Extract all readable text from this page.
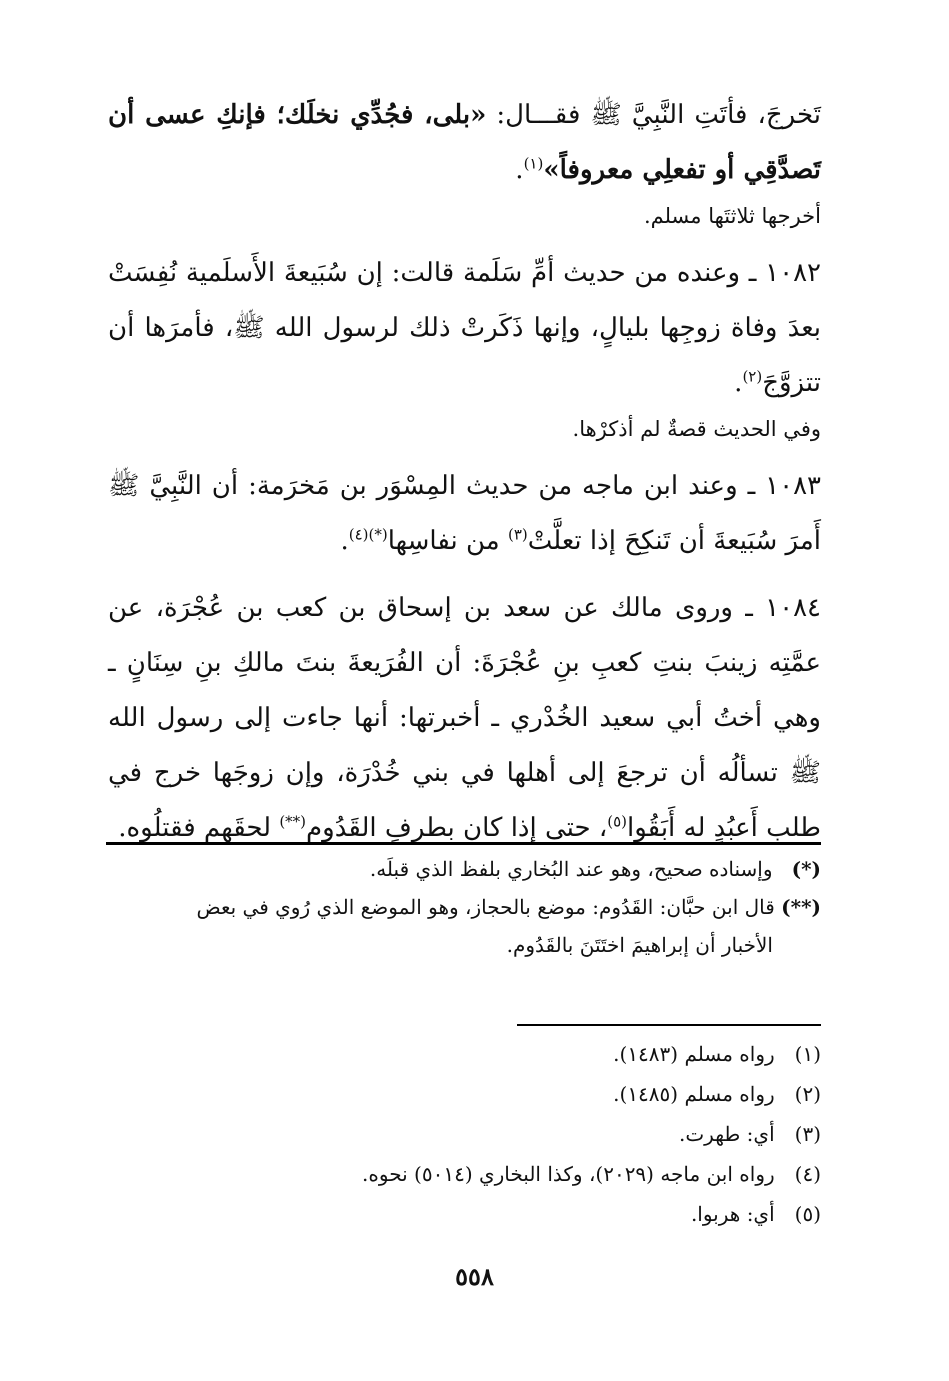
تَخرجَ، فأتَتِ النَّبِيَّ ﷺ فقـــال: «بلى، فجُدِّي نخلَك؛ فإنكِ عسى أن تَصدَّقِي أو تفعلِي معروفاً»$^{(١)}$.

أخرجها ثلاثتَها مسلم.

١٠٨٢ ـ وعنده من حديث أمِّ سَلَمة قالت: إن سُبَيعةَ الأَسلَمية نُفِسَتْ بعدَ وفاة زوجِها بليالٍ، وإنها ذَكَرتْ ذلك لرسول الله ﷺ، فأمرَها أن تتزوَّجَ$^{(٢)}$.

وفي الحديث قصةٌ لم أذكرْها.

١٠٨٣ ـ وعند ابن ماجه من حديث المِسْوَر بن مَخرَمة: أن النَّبِيَّ ﷺ أَمرَ سُبَيعةَ أن تَنكِحَ إذا تعلَّتْ$^{(٣)}$ من نفاسِها$^{(*)(٤)}$.

١٠٨٤ ـ وروى مالك عن سعد بن إسحاق بن كعب بن عُجْرَة، عن عمَّتِه زينبَ بنتِ كعبِ بنِ عُجْرَةَ: أن الفُرَيعةَ بنتَ مالكِ بنِ سِنَانٍ ـ وهي أختُ أبي سعيد الخُدْري ـ أخبرتها: أنها جاءت إلى رسول الله ﷺ تسألُه أن ترجعَ إلى أهلها في بني خُدْرَة، وإن زوجَها خرج في طلب أَعبُدٍ له أَبَقُوا$^{(٥)}$، حتى إذا كان بطرفِ القَدُوم(**) لحقَهم فقتلُوه.

(*)   وإسناده صحيح، وهو عند البُخاري بلفظ الذي قبلَه.

(**) قال ابن حبَّان: القَدُوم: موضع بالحجاز، وهو الموضع الذي رُوي في بعض

الأخبار أن إبراهيمَ اختَتَنَ بالقَدُوم.

(١) رواه مسلم (١٤٨٣).

(٢) رواه مسلم (١٤٨٥).

(٣) أي: طهرت.

(٤) رواه ابن ماجه (٢٠٢٩)، وكذا البخاري (٥٠١٤) نحوه.

(٥) أي: هربوا.

٥٥٨
